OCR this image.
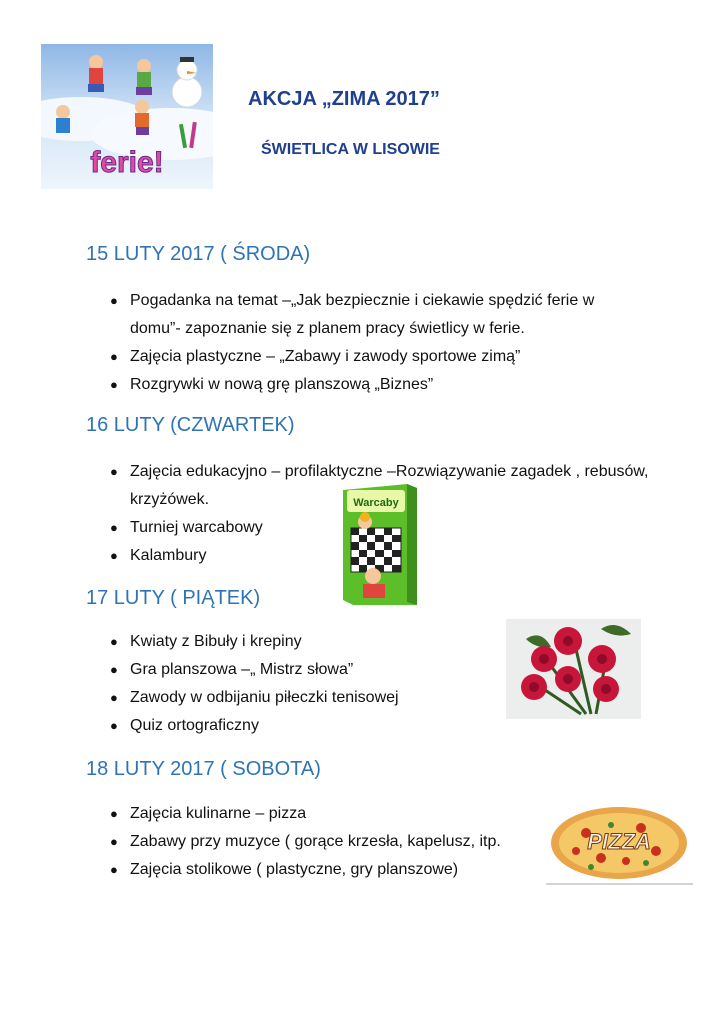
ferie!
AKCJA „ZIMA 2017”
ŚWIETLICA W LISOWIE
15 LUTY 2017 ( ŚRODA)
● Pogadanka na temat –„Jak bezpiecznie i ciekawie spędzić ferie w domu”- zapoznanie się z planem pracy świetlicy w ferie.
● Zajęcia plastyczne – „Zabawy i zawody sportowe zimą”
● Rozgrywki w nową grę planszową „Biznes”
16 LUTY (CZWARTEK)
● Zajęcia edukacyjno – profilaktyczne –Rozwiązywanie zagadek , rebusów, krzyżówek.
● Turniej warcabowy
● Kalambury
Warcaby
17 LUTY ( PIĄTEK)
● Kwiaty z Bibuły i krepiny
● Gra planszowa –„ Mistrz słowa”
● Zawody w odbijaniu piłeczki tenisowej
● Quiz ortograficzny
18 LUTY 2017 ( SOBOTA)
● Zajęcia kulinarne – pizza
● Zabawy przy muzyce ( gorące krzesła, kapelusz, itp.
● Zajęcia stolikowe ( plastyczne, gry planszowe)
PIZZA
